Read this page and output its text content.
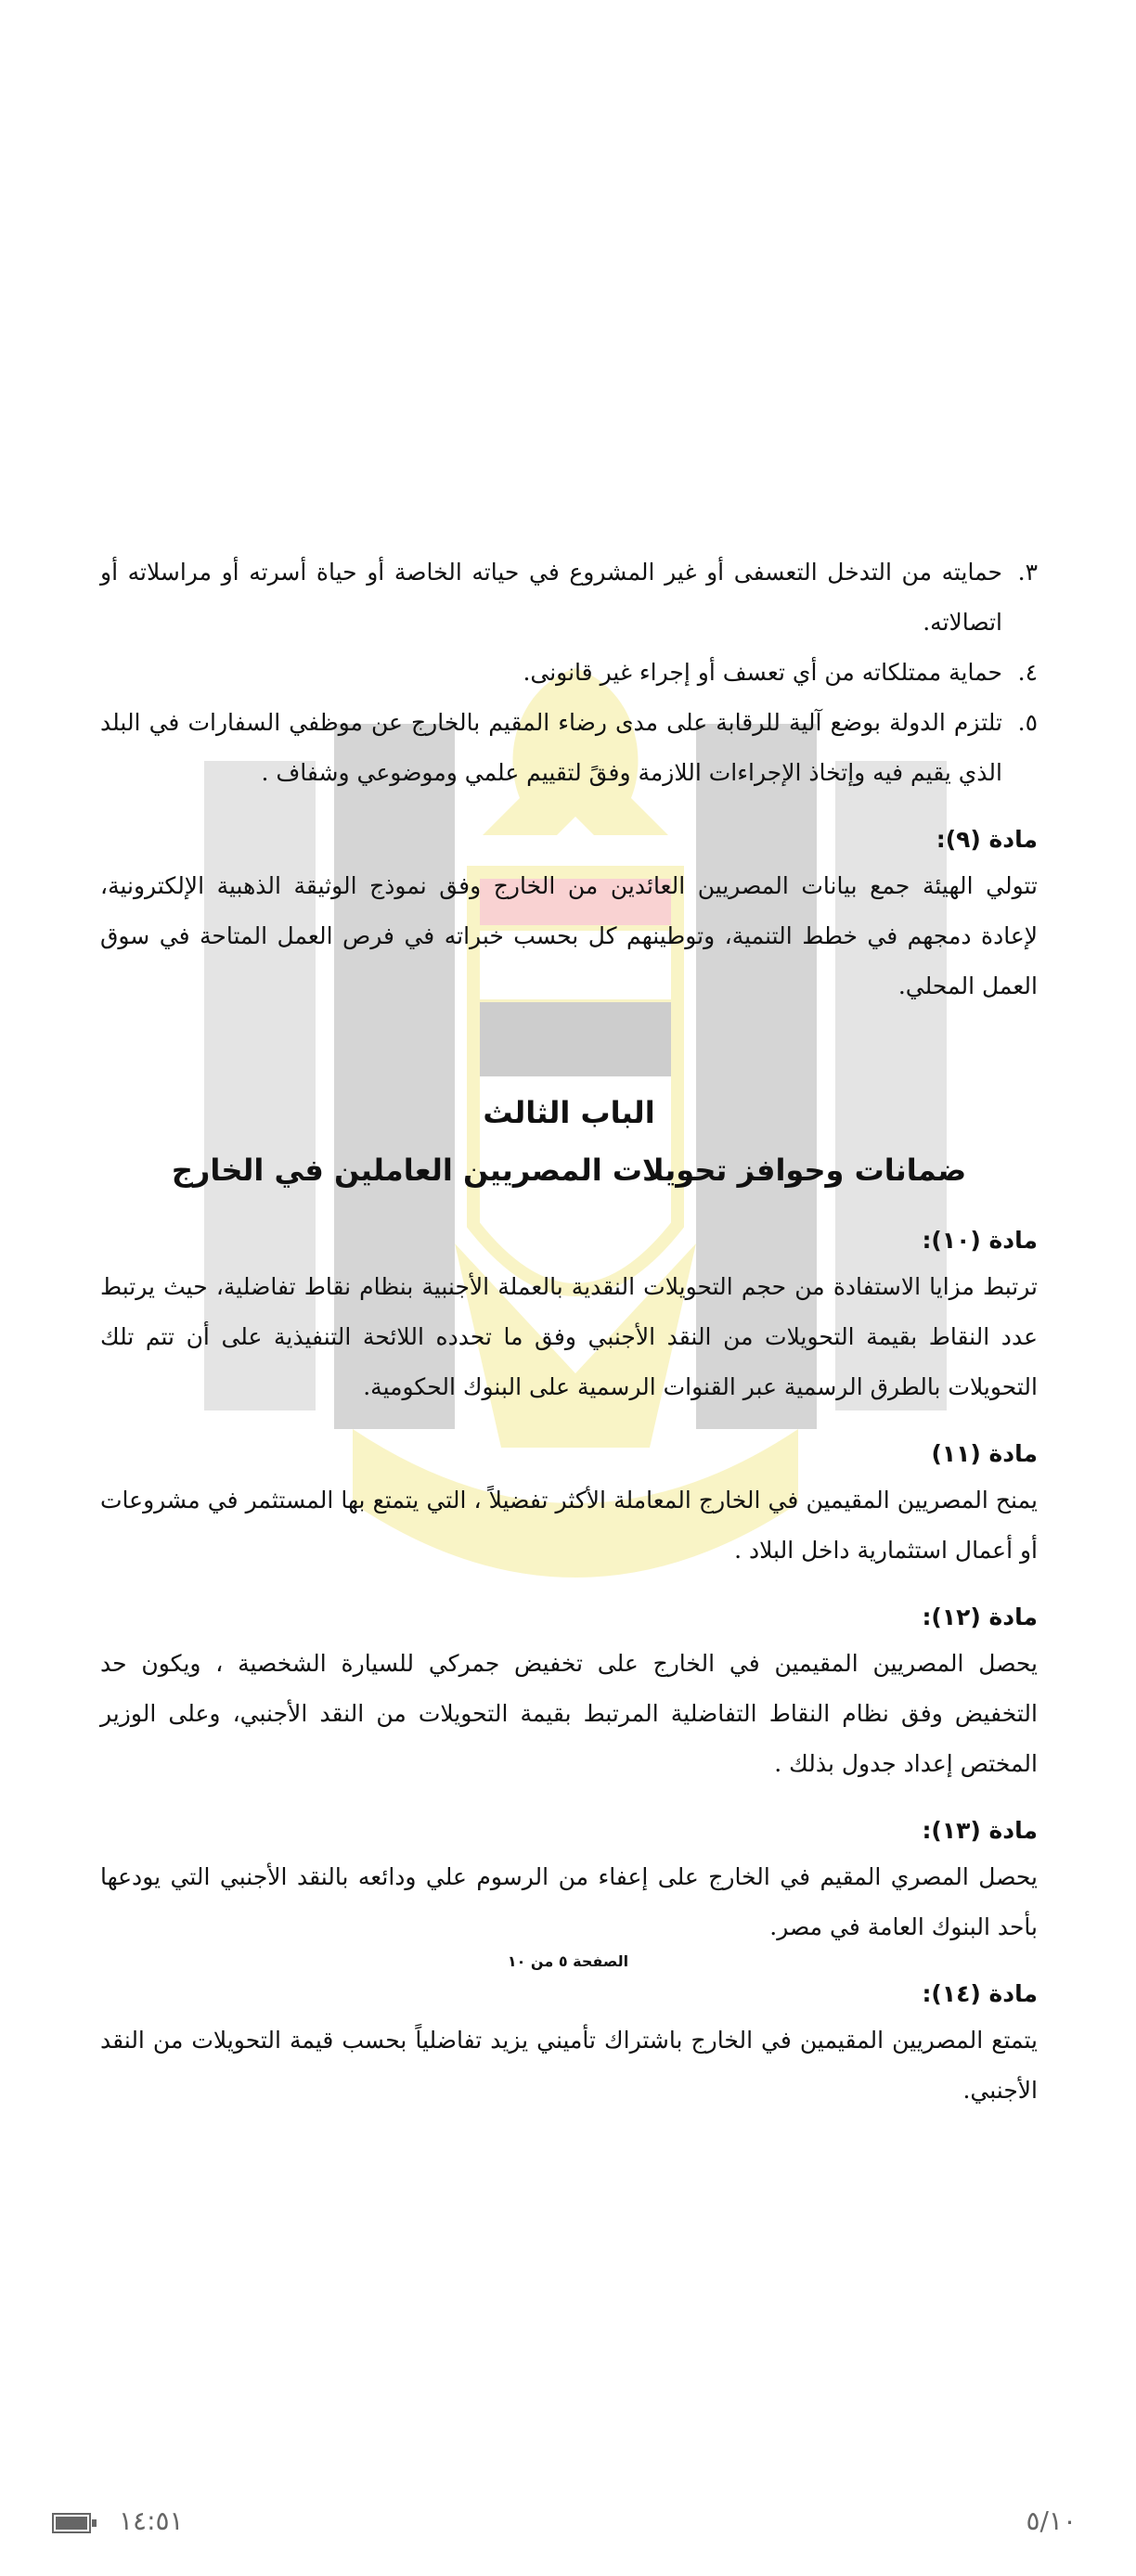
٣.
حمايته من التدخل التعسفى أو غير المشروع في حياته الخاصة أو حياة أسرته أو مراسلاته أو اتصالاته.

٤.
حماية ممتلكاته من أي تعسف أو إجراء غير قانونى.

٥.
تلتزم الدولة بوضع آلية للرقابة على مدى رضاء المقيم بالخارج عن موظفي السفارات في البلد الذي يقيم فيه وإتخاذ الإجراءات اللازمة وفقً لتقييم علمي وموضوعي وشفاف .

مادة (٩):

تتولي الهيئة جمع بيانات المصريين العائدين من الخارج وفق نموذج الوثيقة الذهبية الإلكترونية، لإعادة دمجهم في خطط التنمية، وتوطينهم كل بحسب خبراته في فرص العمل المتاحة في سوق العمل المحلي.

الباب الثالث
ضمانات وحوافز تحويلات المصريين العاملين في الخارج
مادة (١٠):

ترتبط مزايا الاستفادة من حجم التحويلات النقدية بالعملة الأجنبية بنظام نقاط تفاضلية، حيث يرتبط عدد النقاط بقيمة التحويلات من النقد الأجنبي وفق ما تحدده اللائحة التنفيذية على أن تتم تلك التحويلات بالطرق الرسمية عبر القنوات الرسمية على البنوك الحكومية.

مادة (١١)

يمنح المصريين المقيمين في الخارج المعاملة الأكثر تفضيلاً ، التي يتمتع بها المستثمر في مشروعات أو أعمال استثمارية داخل البلاد .

مادة (١٢):

يحصل المصريين المقيمين في الخارج على تخفيض جمركي للسيارة الشخصية ، ويكون حد التخفيض وفق نظام النقاط التفاضلية المرتبط بقيمة التحويلات من النقد الأجنبي، وعلى الوزير المختص إعداد جدول بذلك .

مادة (١٣):

يحصل المصري المقيم في الخارج على إعفاء من الرسوم علي ودائعه بالنقد الأجنبي التي يودعها بأحد البنوك العامة في مصر.

مادة (١٤):

يتمتع المصريين المقيمين في الخارج باشتراك تأميني يزيد تفاضلياً بحسب قيمة التحويلات من النقد الأجنبي.

الصفحة ٥ من ١٠
١٤:٥١	٥/١٠
